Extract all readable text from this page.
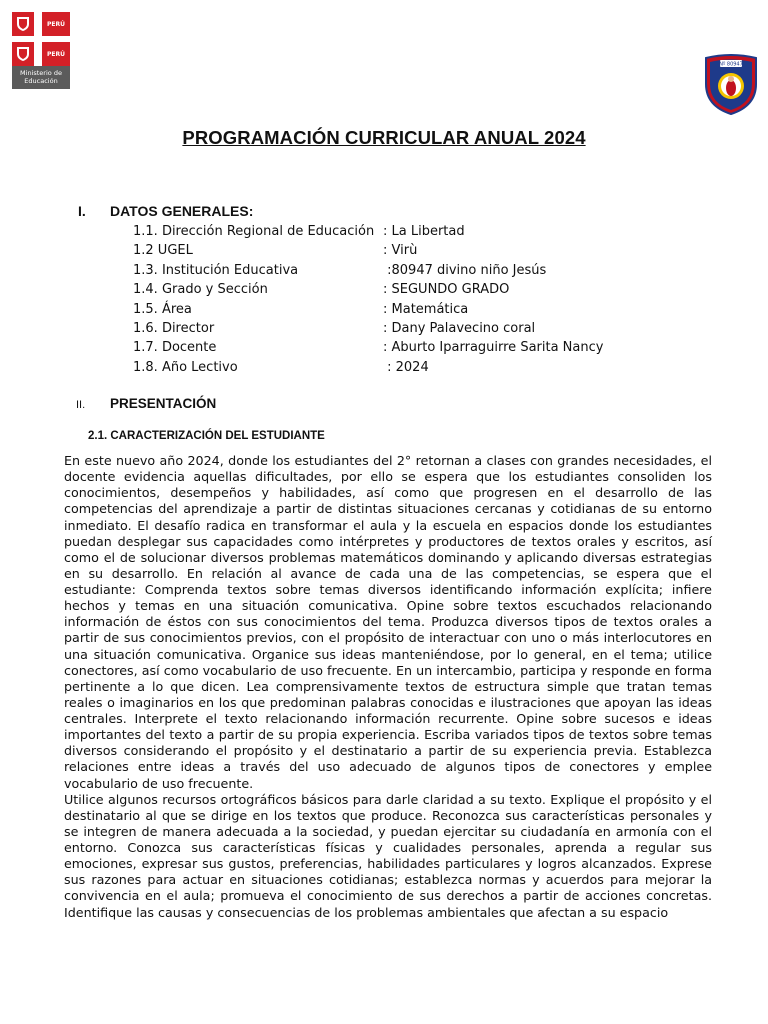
PERÚ
PERÚ
Ministerio de
Educación
Nº 80947
PROGRAMACIÓN CURRICULAR ANUAL 2024
I. DATOS GENERALES:
1.1. Dirección Regional de Educación : La Libertad
1.2 UGEL	: Virù
1.3. Institución Educativa	:80947 divino niño Jesús
1.4. Grado y Sección	: SEGUNDO GRADO
1.5. Área	: Matemática
1.6. Director	: Dany Palavecino coral
1.7. Docente	: Aburto Iparraguirre Sarita Nancy
1.8. Año Lectivo	: 2024
II. PRESENTACIÓN
2.1. CARACTERIZACIÓN DEL ESTUDIANTE

En este nuevo año 2024, donde los estudiantes del 2° retornan a clases con grandes necesidades, el docente evidencia aquellas dificultades, por ello se espera que los estudiantes consoliden los conocimientos, desempeños y habilidades, así como que progresen en el desarrollo de las competencias del aprendizaje a partir de distintas situaciones cercanas y cotidianas de su entorno inmediato. El desafío radica en transformar el aula y la escuela en espacios donde los estudiantes puedan desplegar sus capacidades como intérpretes y productores de textos orales y escritos, así como el de solucionar diversos problemas matemáticos dominando y aplicando diversas estrategias en su desarrollo. En relación al avance de cada una de las competencias, se espera que el estudiante: Comprenda textos sobre temas diversos identificando información explícita; infiere hechos y temas en una situación comunicativa. Opine sobre textos escuchados relacionando información de éstos con sus conocimientos del tema. Produzca diversos tipos de textos orales a partir de sus conocimientos previos, con el propósito de interactuar con uno o más interlocutores en una situación comunicativa. Organice sus ideas manteniéndose, por lo general, en el tema; utilice conectores, así como vocabulario de uso frecuente. En un intercambio, participa y responde en forma pertinente a lo que dicen. Lea comprensivamente textos de estructura simple que tratan temas reales o imaginarios en los que predominan palabras conocidas e ilustraciones que apoyan las ideas centrales. Interprete el texto relacionando información recurrente. Opine sobre sucesos e ideas importantes del texto a partir de su propia experiencia. Escriba variados tipos de textos sobre temas diversos considerando el propósito y el destinatario a partir de su experiencia previa. Establezca relaciones entre ideas a través del uso adecuado de algunos tipos de conectores y emplee vocabulario de uso frecuente.

Utilice algunos recursos ortográficos básicos para darle claridad a su texto. Explique el propósito y el destinatario al que se dirige en los textos que produce. Reconozca sus características personales y se integren de manera adecuada a la sociedad, y puedan ejercitar su ciudadanía en armonía con el entorno. Conozca sus características físicas y cualidades personales, aprenda a regular sus emociones, expresar sus gustos, preferencias, habilidades particulares y logros alcanzados. Exprese sus razones para actuar en situaciones cotidianas; establezca normas y acuerdos para mejorar la convivencia en el aula; promueva el conocimiento de sus derechos a partir de acciones concretas. Identifique las causas y consecuencias de los problemas ambientales que afectan a su espacio
